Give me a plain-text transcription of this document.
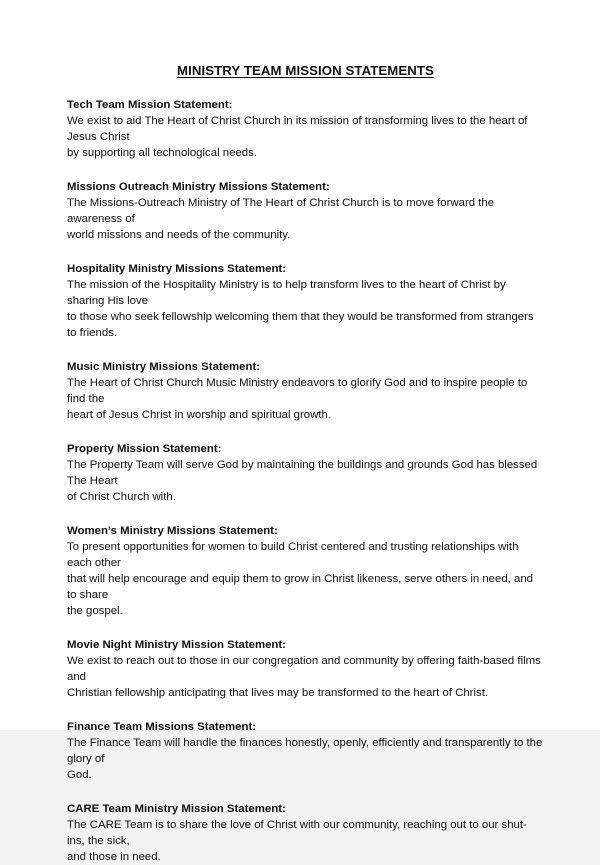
MINISTRY TEAM MISSION STATEMENTS

Tech Team Mission Statement:

We exist to aid The Heart of Christ Church in its mission of transforming lives to the heart of Jesus Christ
by supporting all technological needs.

Missions Outreach Ministry Missions Statement:

The Missions-Outreach Ministry of The Heart of Christ Church is to move forward the awareness of
world missions and needs of the community.

Hospitality Ministry Missions Statement:

The mission of the Hospitality Ministry is to help transform lives to the heart of Christ by sharing His love
to those who seek fellowship welcoming them that they would be transformed from strangers to friends.

Music Ministry Missions Statement:

The Heart of Christ Church Music Ministry endeavors to glorify God and to inspire people to find the
heart of Jesus Christ in worship and spiritual growth.

Property Mission Statement:

The Property Team will serve God by maintaining the buildings and grounds God has blessed The Heart
of Christ Church with.

Women’s Ministry Missions Statement:

To present opportunities for women to build Christ centered and trusting relationships with each other
that will help encourage and equip them to grow in Christ likeness, serve others in need, and to share
the gospel.

Movie Night Ministry Mission Statement:

We exist to reach out to those in our congregation and community by offering faith-based films and
Christian fellowship anticipating that lives may be transformed to the heart of Christ.

Finance Team Missions Statement:

The Finance Team will handle the finances honestly, openly, efficiently and transparently to the glory of
God.

CARE Team Ministry Mission Statement:

The CARE Team is to share the love of Christ with our community, reaching out to our shut-ins, the sick,
and those in need.
